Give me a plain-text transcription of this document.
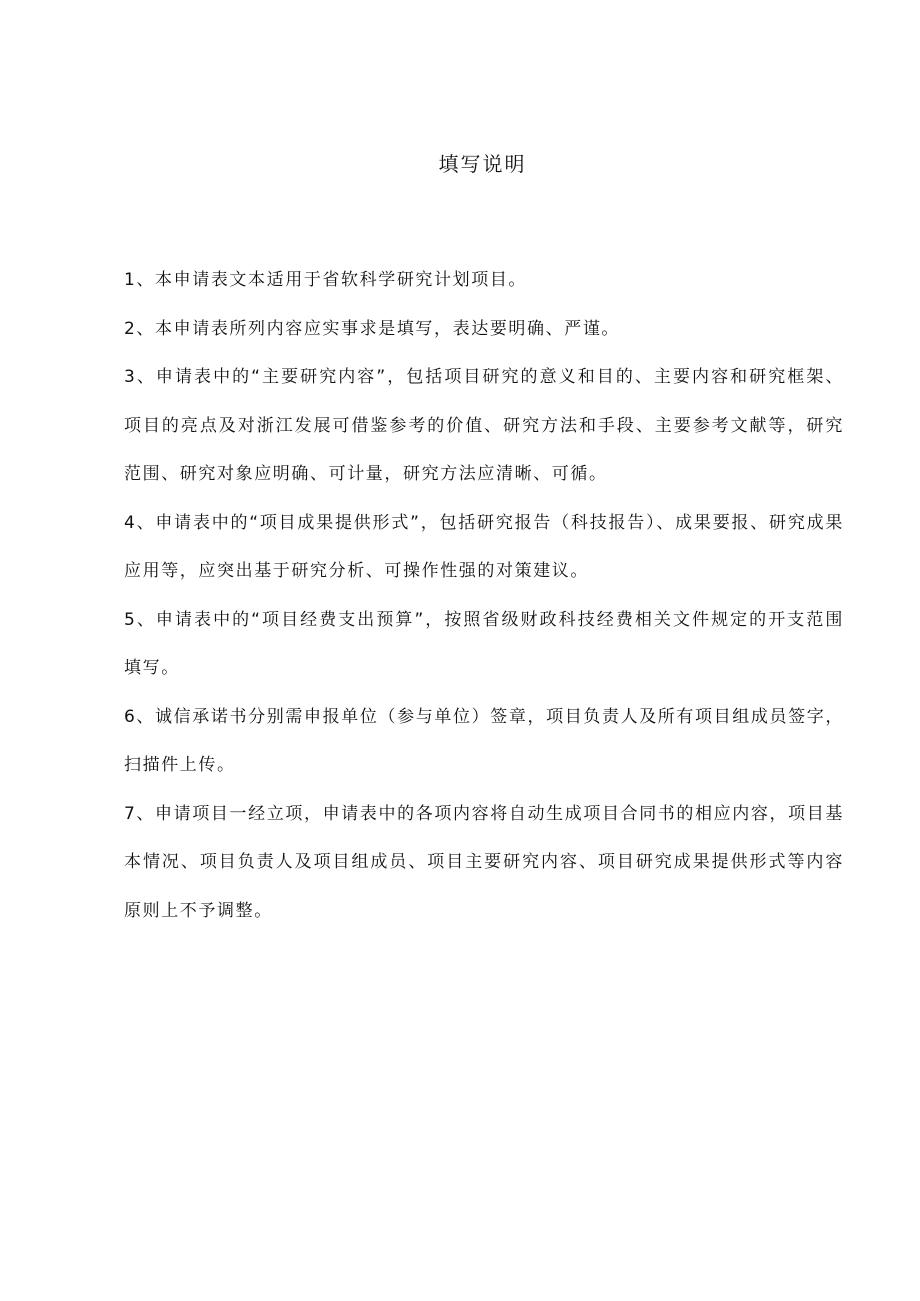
填写说明
1、本申请表文本适用于省软科学研究计划项目。
2、本申请表所列内容应实事求是填写，表达要明确、严谨。
3、申请表中的“主要研究内容”，包括项目研究的意义和目的、主要内容和研究框架、项目的亮点及对浙江发展可借鉴参考的价值、研究方法和手段、主要参考文献等，研究范围、研究对象应明确、可计量，研究方法应清晰、可循。
4、申请表中的“项目成果提供形式”，包括研究报告（科技报告）、成果要报、研究成果应用等，应突出基于研究分析、可操作性强的对策建议。
5、申请表中的“项目经费支出预算”，按照省级财政科技经费相关文件规定的开支范围填写。
6、诚信承诺书分别需申报单位（参与单位）签章，项目负责人及所有项目组成员签字，扫描件上传。
7、申请项目一经立项，申请表中的各项内容将自动生成项目合同书的相应内容，项目基本情况、项目负责人及项目组成员、项目主要研究内容、项目研究成果提供形式等内容原则上不予调整。
